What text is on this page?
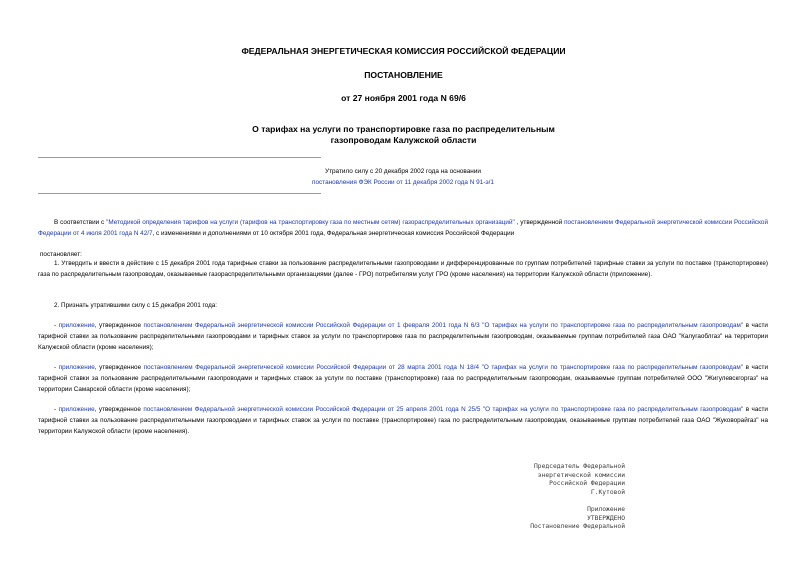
ФЕДЕРАЛЬНАЯ ЭНЕРГЕТИЧЕСКАЯ КОМИССИЯ РОССИЙСКОЙ ФЕДЕРАЦИИ
ПОСТАНОВЛЕНИЕ
от 27 ноября 2001 года N 69/6
О тарифах на услуги по транспортировке газа по распределительным
газопроводам Калужской области
Утратило силу с 20 декабря 2002 года на основании
постановления ФЭК России от 11 декабря 2002 года N 91-э/1
В соответствии с "Методикой определения тарифов на услуги (тарифов на транспортировку газа по местным сетям) газораспределительных организаций" , утвержденной постановлением Федеральной энергетической комиссии Российской Федерации от 4 июля 2001 года N 42/7, с изменениями и дополнениями от 10 октября 2001 года, Федеральная энергетическая комиссия Российской Федерации
постановляет:
1. Утвердить и ввести в действие с 15 декабря 2001 года тарифные ставки за пользование распределительными газопроводами и дифференцированные по группам потребителей тарифные ставки за услуги по поставке (транспортировке) газа по распределительным газопроводам, оказываемые газораспределительными организациями (далее - ГРО) потребителям услуг ГРО (кроме населения) на территории Калужской области (приложение).
2. Признать утратившими силу с 15 декабря 2001 года:
- приложение, утвержденное постановлением Федеральной энергетической комиссии Российской Федерации от 1 февраля 2001 года N 6/3 "О тарифах на услуги по транспортировке газа по распределительным газопроводам" в части тарифной ставки за пользование распределительными газопроводами и тарифных ставок за услуги по транспортировке газа по распределительным газопроводам, оказываемые группам потребителей газа ОАО "Калугаоблгаз" на территории Калужской области (кроме населения);
- приложение, утвержденное постановлением Федеральной энергетической комиссии Российской Федерации от 28 марта 2001 года N 18/4 "О тарифах на услуги по транспортировке газа по распределительным газопроводам" в части тарифной ставки за пользование распределительными газопроводами и тарифных ставок за услуги по поставке (транспортировке) газа по распределительным газопроводам, оказываемые группам потребителей ООО "Жигулевскгоргаз" на территории Самарской области (кроме населения);
- приложение, утвержденное постановлением Федеральной энергетической комиссии Российской Федерации от 25 апреля 2001 года N 25/5 "О тарифах на услуги по транспортировке газа по распределительным газопроводам" в части тарифной ставки за пользование распределительными газопроводами и тарифных ставок за услуги по поставке (транспортировке) газа по распределительным газопроводам, оказываемые группам потребителей газа ОАО "Жуковорайгаз" на территории Калужской области (кроме населения).
Председатель Федеральной
энергетической комиссии
Российской Федерации
Г.Кутовой
Приложение
УТВЕРЖДЕНО
Постановление Федеральной
